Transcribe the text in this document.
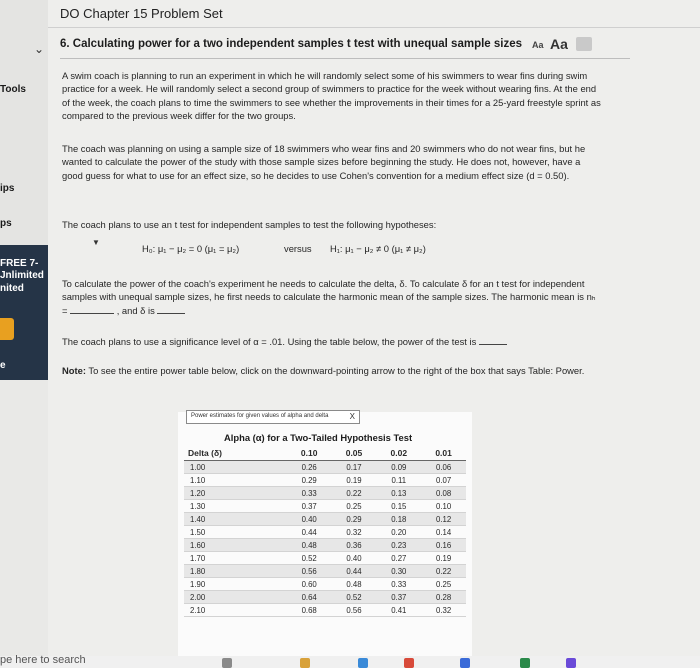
⌄
Tools
ips
ps
FREE 7-
Jnlimited
nited
e
DO Chapter 15 Problem Set
6. Calculating power for a two independent samples t test with unequal sample sizes Aa Aa

A swim coach is planning to run an experiment in which he will randomly select some of his swimmers to wear fins during swim practice for a week. He will randomly select a second group of swimmers to practice for the week without wearing fins. At the end of the week, the coach plans to time the swimmers to see whether the improvements in their times for a 25-yard freestyle sprint as compared to the previous week differ for the two groups.

The coach was planning on using a sample size of 18 swimmers who wear fins and 20 swimmers who do not wear fins, but he wanted to calculate the power of the study with those sample sizes before beginning the study. He does not, however, have a good guess for what to use for an effect size, so he decides to use Cohen's convention for a medium effect size (d = 0.50).

The coach plans to use an t test for independent samples to test the following hypotheses:

▼
H₀: μ₁ − μ₂ = 0 (μ₁ = μ₂)	versus H₁: μ₁ − μ₂ ≠ 0 (μ₁ ≠ μ₂)

To calculate the power of the coach's experiment he needs to calculate the delta, δ. To calculate δ for an t test for independent samples with unequal sample sizes, he first needs to calculate the harmonic mean of the sample sizes. The harmonic mean is nₕ =	, and δ is

The coach plans to use a significance level of α = .01. Using the table below, the power of the test is

Note: To see the entire power table below, click on the downward-pointing arrow to the right of the box that says Table: Power.

Power estimates for given values of alpha and delta	X
Alpha (α) for a Two-Tailed Hypothesis Test
Delta (δ)	0.10	0.05	0.02	0.01
1.00	0.26	0.17	0.09	0.06
1.10	0.29	0.19	0.11	0.07
1.20	0.33	0.22	0.13	0.08
1.30	0.37	0.25	0.15	0.10
1.40	0.40	0.29	0.18	0.12
1.50	0.44	0.32	0.20	0.14
1.60	0.48	0.36	0.23	0.16
1.70	0.52	0.40	0.27	0.19
1.80	0.56	0.44	0.30	0.22
1.90	0.60	0.48	0.33	0.25
2.00	0.64	0.52	0.37	0.28
2.10	0.68	0.56	0.41	0.32
pe here to search
